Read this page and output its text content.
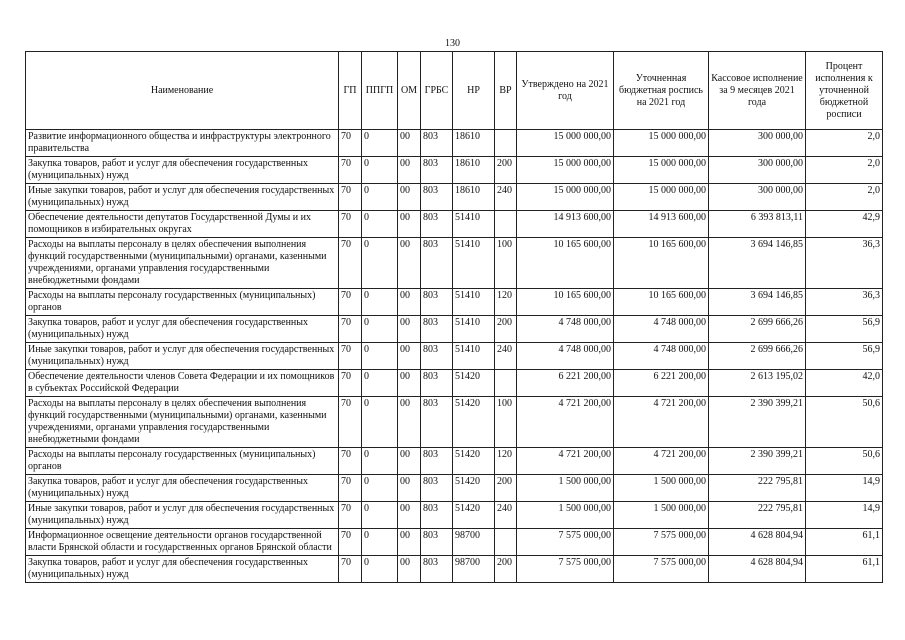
130
Наименование	ГП	ППГП	ОМ	ГРБС	НР	ВР	Утверждено на 2021 год	Уточненная бюджетная роспись на 2021 год	Кассовое исполнение за 9 месяцев 2021 года	Процент исполнения к уточненной бюджетной росписи
Развитие информационного общества и инфраструктуры электронного правительства	70	0	00	803	18610		15 000 000,00	15 000 000,00	300 000,00	2,0
Закупка товаров, работ и услуг для обеспечения государственных (муниципальных) нужд	70	0	00	803	18610	200	15 000 000,00	15 000 000,00	300 000,00	2,0
Иные закупки товаров, работ и услуг для обеспечения государственных (муниципальных) нужд	70	0	00	803	18610	240	15 000 000,00	15 000 000,00	300 000,00	2,0
Обеспечение деятельности депутатов Государственной Думы и их помощников в избирательных округах	70	0	00	803	51410		14 913 600,00	14 913 600,00	6 393 813,11	42,9
Расходы на выплаты персоналу в целях обеспечения выполнения функций государственными (муниципальными) органами, казенными учреждениями, органами управления государственными внебюджетными фондами	70	0	00	803	51410	100	10 165 600,00	10 165 600,00	3 694 146,85	36,3
Расходы на выплаты персоналу государственных (муниципальных) органов	70	0	00	803	51410	120	10 165 600,00	10 165 600,00	3 694 146,85	36,3
Закупка товаров, работ и услуг для обеспечения государственных (муниципальных) нужд	70	0	00	803	51410	200	4 748 000,00	4 748 000,00	2 699 666,26	56,9
Иные закупки товаров, работ и услуг для обеспечения государственных (муниципальных) нужд	70	0	00	803	51410	240	4 748 000,00	4 748 000,00	2 699 666,26	56,9
Обеспечение деятельности членов Совета Федерации и их помощников в субъектах Российской Федерации	70	0	00	803	51420		6 221 200,00	6 221 200,00	2 613 195,02	42,0
Расходы на выплаты персоналу в целях обеспечения выполнения функций государственными (муниципальными) органами, казенными учреждениями, органами управления государственными внебюджетными фондами	70	0	00	803	51420	100	4 721 200,00	4 721 200,00	2 390 399,21	50,6
Расходы на выплаты персоналу государственных (муниципальных) органов	70	0	00	803	51420	120	4 721 200,00	4 721 200,00	2 390 399,21	50,6
Закупка товаров, работ и услуг для обеспечения государственных (муниципальных) нужд	70	0	00	803	51420	200	1 500 000,00	1 500 000,00	222 795,81	14,9
Иные закупки товаров, работ и услуг для обеспечения государственных (муниципальных) нужд	70	0	00	803	51420	240	1 500 000,00	1 500 000,00	222 795,81	14,9
Информационное освещение деятельности органов государственной власти Брянской области и государственных органов Брянской области	70	0	00	803	98700		7 575 000,00	7 575 000,00	4 628 804,94	61,1
Закупка товаров, работ и услуг для обеспечения государственных (муниципальных) нужд	70	0	00	803	98700	200	7 575 000,00	7 575 000,00	4 628 804,94	61,1
